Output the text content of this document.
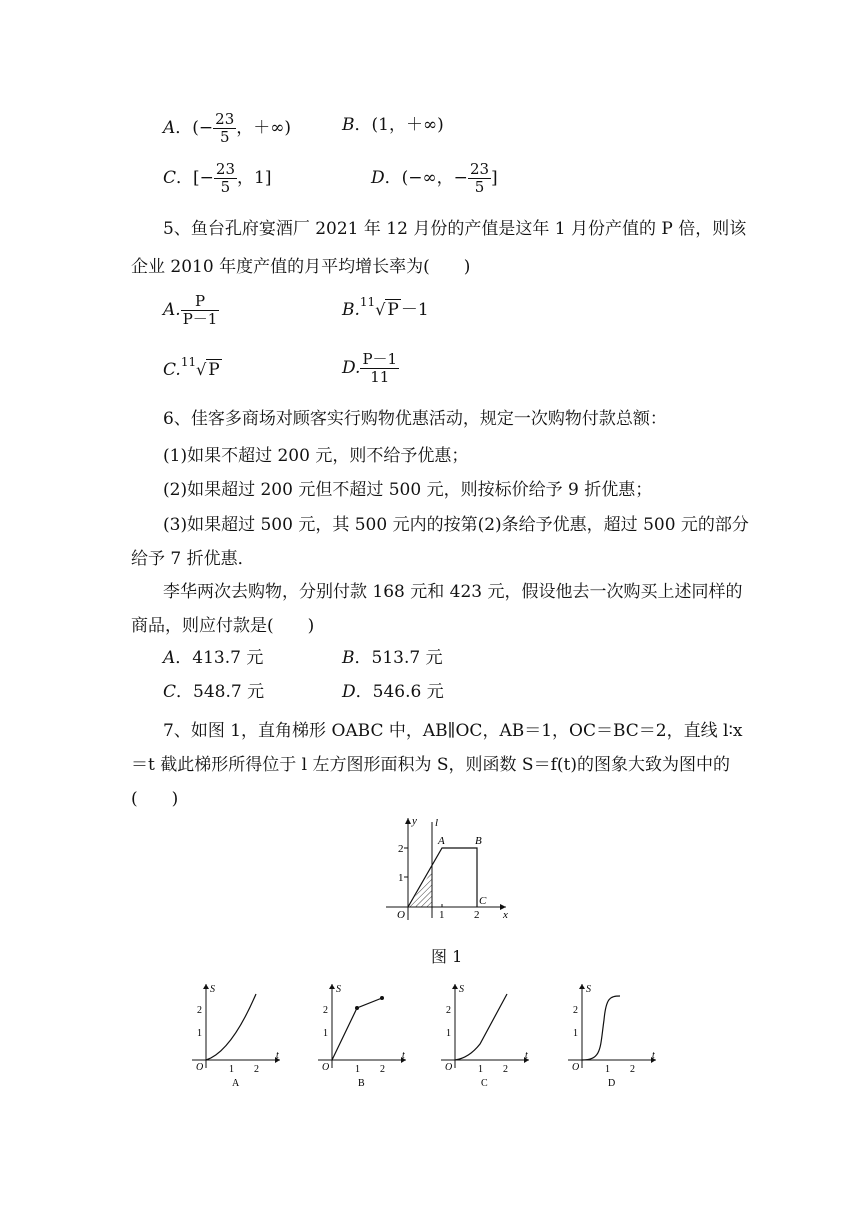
A．(− $\frac{23}{5}$ ，＋∞)	B．(1，＋∞)
C．[− $\frac{23}{5}$ ，1]	D．(−∞，− $\frac{23}{5}$ ]
5、鱼台孔府宴酒厂 2021 年 12 月份的产值是这年 1 月份产值的 P 倍，则该
企业 2010 年度产值的月平均增长率为(　　)
A. $\frac{P}{P-1}$	B.$^{11}$√ P －1
C.$^{11}$√ P	D. $\frac{P-1}{11}$
6、佳客多商场对顾客实行购物优惠活动，规定一次购物付款总额：
(1)如果不超过 200 元，则不给予优惠；
(2)如果超过 200 元但不超过 500 元，则按标价给予 9 折优惠；
(3)如果超过 500 元，其 500 元内的按第(2)条给予优惠，超过 500 元的部分
给予 7 折优惠．
李华两次去购物，分别付款 168 元和 423 元，假设他去一次购买上述同样的
商品，则应付款是(　　)
A．413.7 元	B．513.7 元
C．548.7 元	D．546.6 元
7、如图 1，直角梯形 OABC 中，AB∥OC，AB＝1，OC＝BC＝2，直线 l∶x
＝t 截此梯形所得位于 l 左方图形面积为 S，则函数 S＝f(t)的图象大致为图中的
(　　)
y l
A	B
C
O	x
1	2
1
2
图 1
S
O
t
1 2
1
2
A
S
O
t
1 2
1
2
B
S
O
t
1 2
1
2
C
S
O
t
1 2
1
2
D
